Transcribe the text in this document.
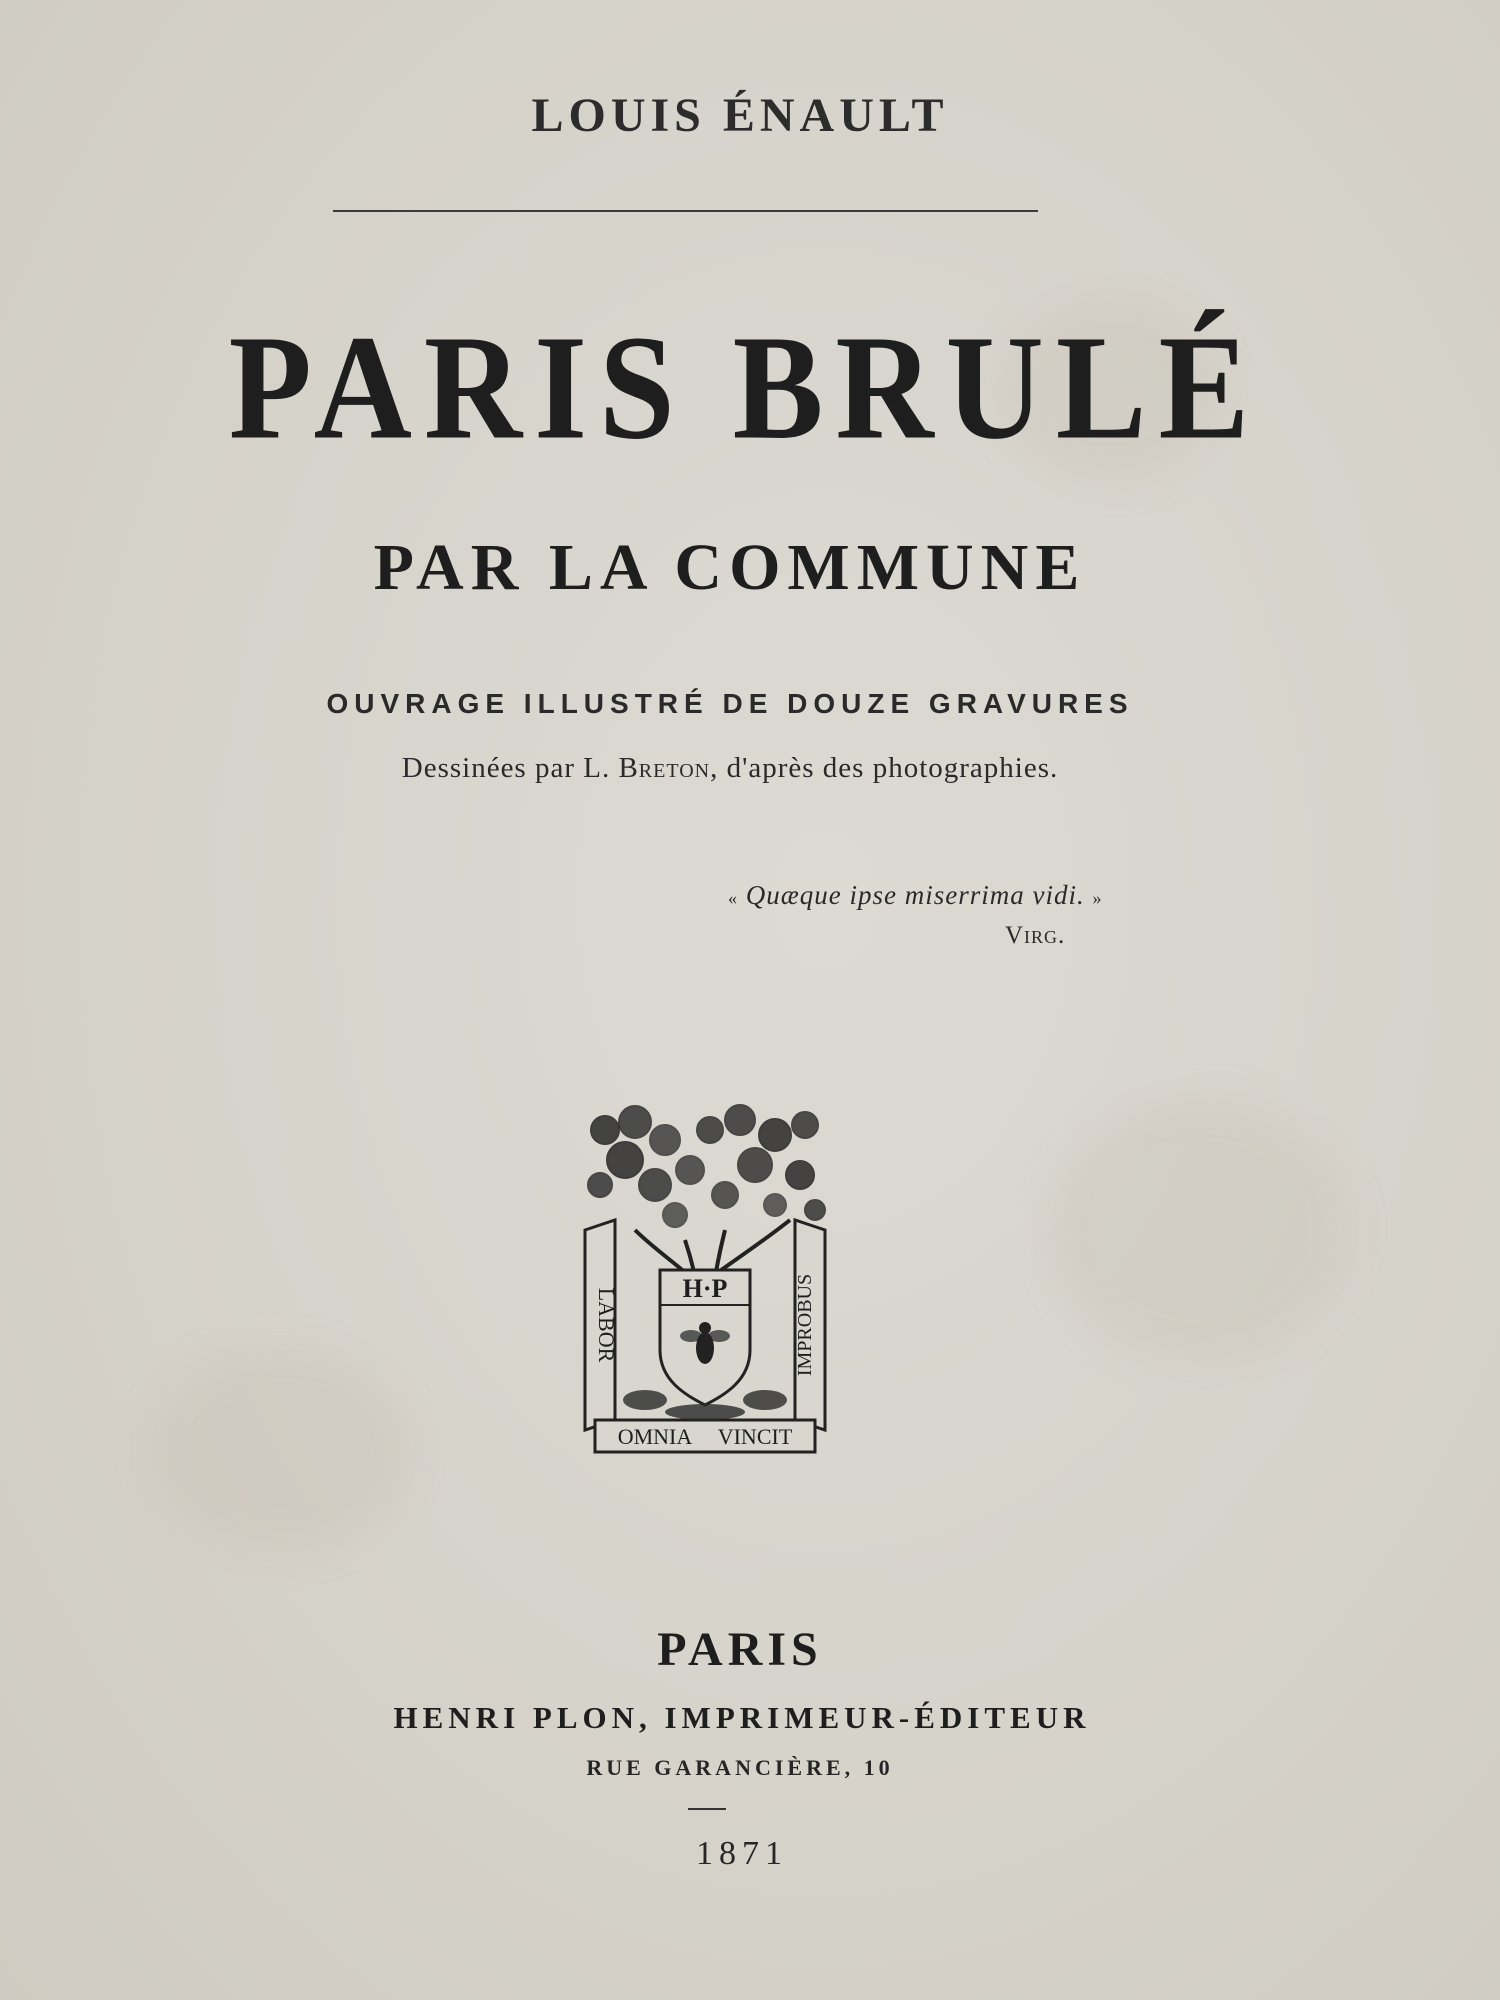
LOUIS ÉNAULT
PARIS BRULÉ
PAR LA COMMUNE
OUVRAGE ILLUSTRÉ DE DOUZE GRAVURES
Dessinées par L. Breton, d'après des photographies.
« Quæque ipse miserrima vidi. »
Virg.
LABOR	IMPROBUS
OMNIA VINCIT
H·P
PARIS
HENRI PLON, IMPRIMEUR-ÉDITEUR
RUE GARANCIÈRE, 10
1871
